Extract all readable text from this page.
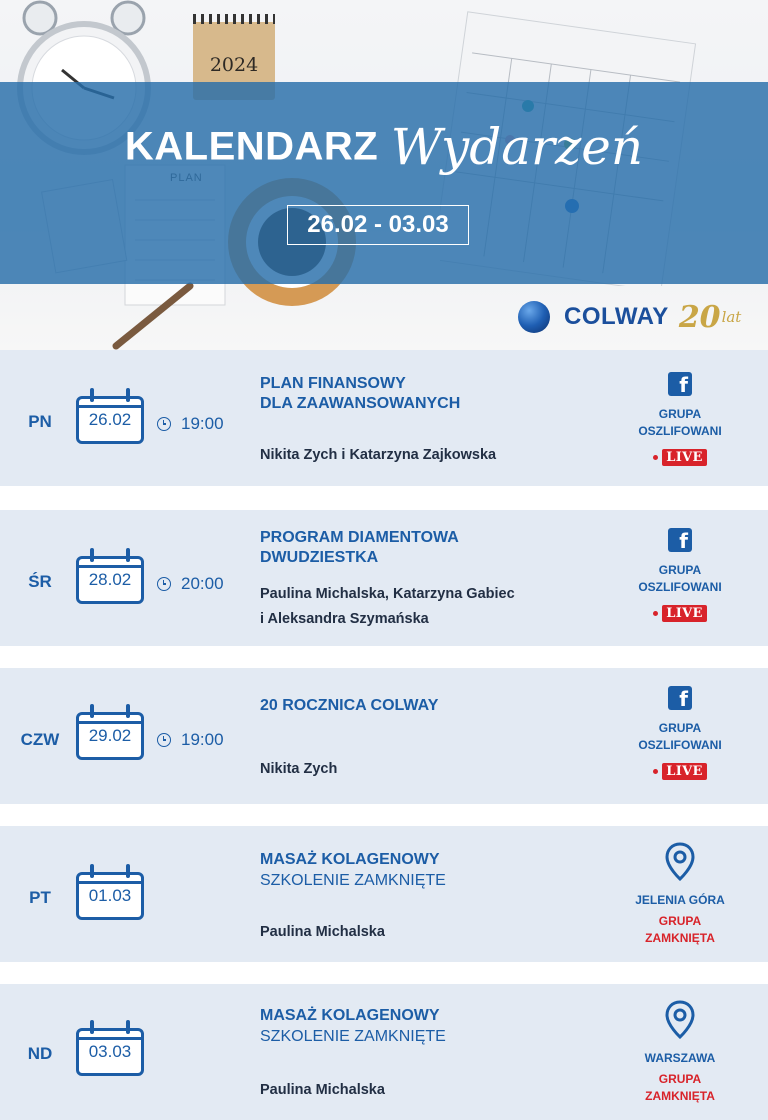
2024
KALENDARZ Wydarzeń
26.02 - 03.03
COLWAY 20 lat
PN	26.02	19:00
PLAN FINANSOWY
DLA ZAAWANSOWANYCH
Nikita Zych i Katarzyna Zajkowska
f
GRUPA
OSZLIFOWANI
LIVE
ŚR	28.02	20:00
PROGRAM DIAMENTOWA
DWUDZIESTKA
Paulina Michalska, Katarzyna Gabiec
i Aleksandra Szymańska
f
GRUPA
OSZLIFOWANI
LIVE
CZW	29.02	19:00
20 ROCZNICA COLWAY
Nikita Zych
f
GRUPA
OSZLIFOWANI
LIVE
PT	01.03
MASAŻ KOLAGENOWY
SZKOLENIE ZAMKNIĘTE
Paulina Michalska
JELENIA GÓRA
GRUPA
ZAMKNIĘTA
ND	03.03
MASAŻ KOLAGENOWY
SZKOLENIE ZAMKNIĘTE
Paulina Michalska
WARSZAWA
GRUPA
ZAMKNIĘTA
